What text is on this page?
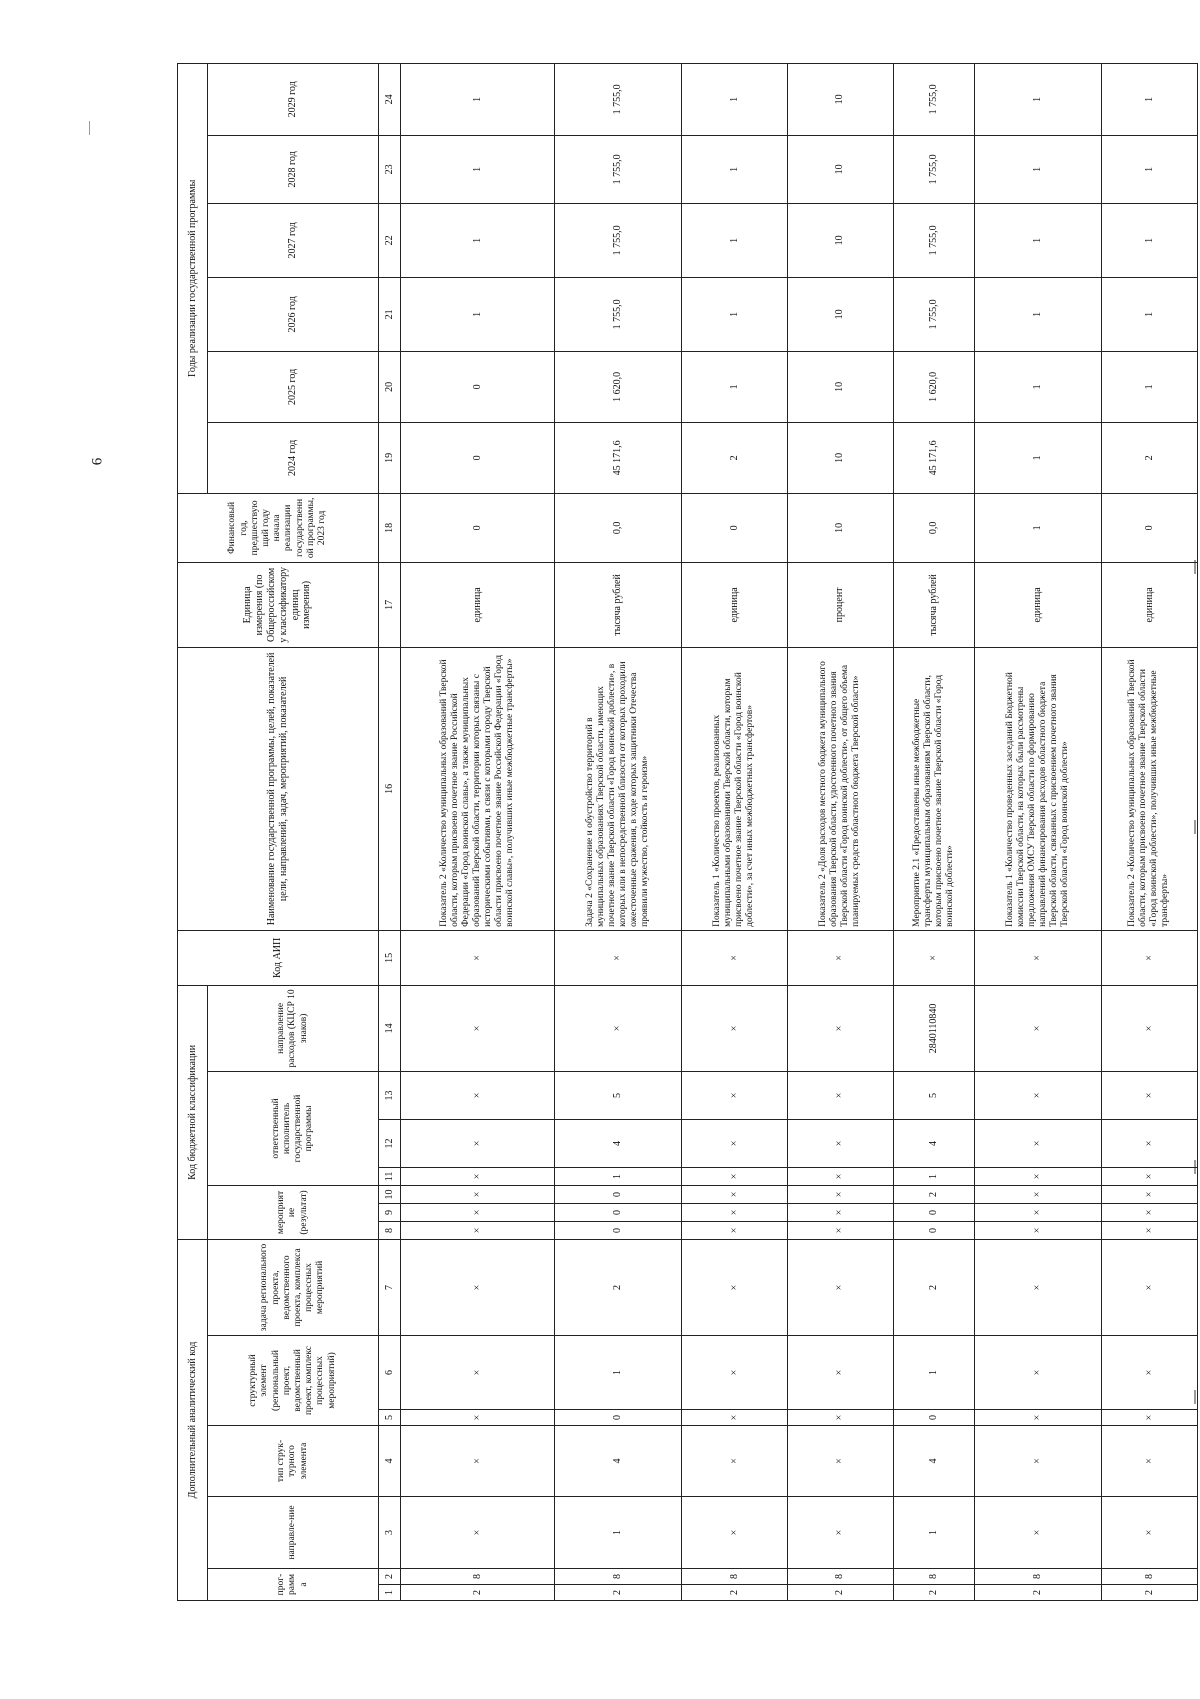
6
Дополнительный аналитический код							Код бюджетной классификации							Код АИП	Наименование государственной программы, целей, показателей цели, направлений, задач, мероприятий, показателей	Единица измерения (по Общероссийскому классификатору единиц измерения)	Финансовый год, предшествующий году начала реализации государственной программы, 2023 год	Годы реализации государственной программы					
прог-рамма		направле-ние	тип струк-турного элемента	структурный элемент (региональный проект, ведомственный проект, комплекс процессных мероприятий)		задача регионального проекта, ведомственного проекта, комплекса процессных мероприятий	мероприятие (результат)			ответственный исполнитель государственной программы			направление расходов (КЦСР 10 знаков)					2024 год	2025 год	2026 год	2027 год	2028 год	2029 год
1	2	3	4	5	6	7	8	9	10	11	12	13	14	15	16	17	18	19	20	21	22	23	24
2	8	×	×	×	×	×	×	×	×	×	×	×	×	×	Показатель 2 «Количество муниципальных образований Тверской области, которым присвоено почетное звание Российской Федерации «Город воинской славы», а также муниципальных образований Тверской области, территории которых связаны с историческими событиями, в связи с которыми городу Тверской области присвоено почетное звание Российской Федерации «Город воинской славы», получивших иные межбюджетные трансферты»	единица	0	0	0	1	1	1	1
2	8	1	4	0	1	2	0	0	0	1	4	5	×	×	Задача 2 «Сохранение и обустройство территорий в муниципальных образованиях Тверской области, имеющих почетное звание Тверской области «Город воинской доблести», в которых или в непосредственной близости от которых проходили ожесточенные сражения, в ходе которых защитники Отечества проявили мужество, стойкость и героизм»	тысяча рублей	0,0	45 171,6	1 620,0	1 755,0	1 755,0	1 755,0	1 755,0
2	8	×	×	×	×	×	×	×	×	×	×	×	×	×	Показатель 1 «Количество проектов, реализованных муниципальными образованиями Тверской области, которым присвоено почетное звание Тверской области «Город воинской доблести», за счет иных межбюджетных трансфертов»	единица	0	2	1	1	1	1	1
2	8	×	×	×	×	×	×	×	×	×	×	×	×	×	Показатель 2 «Доля расходов местного бюджета муниципального образования Тверской области, удостоенного почетного звания Тверской области «Город воинской доблести», от общего объема планируемых средств областного бюджета Тверской области»	процент	10	10	10	10	10	10	10
2	8	1	4	0	1	2	0	0	2	1	4	5	2840110840	×	Мероприятие 2.1 «Предоставлены иные межбюджетные трансферты муниципальным образованиям Тверской области, которым присвоено почетное звание Тверской области «Город воинской доблести»	тысяча рублей	0,0	45 171,6	1 620,0	1 755,0	1 755,0	1 755,0	1 755,0
2	8	×	×	×	×	×	×	×	×	×	×	×	×	×	Показатель 1 «Количество проведенных заседаний Бюджетной комиссии Тверской области, на которых были рассмотрены предложения ОМСУ Тверской области по формированию направлений финансирования расходов областного бюджета Тверской области, связанных с присвоением почетного звания Тверской области «Город воинской доблести»	единица	1	1	1	1	1	1	1
2	8	×	×	×	×	×	×	×	×	×	×	×	×	×	Показатель 2 «Количество муниципальных образований Тверской области, которым присвоено почетное звание Тверской области «Город воинской доблести», получивших иные межбюджетные трансферты»	единица	0	2	1	1	1	1	1
